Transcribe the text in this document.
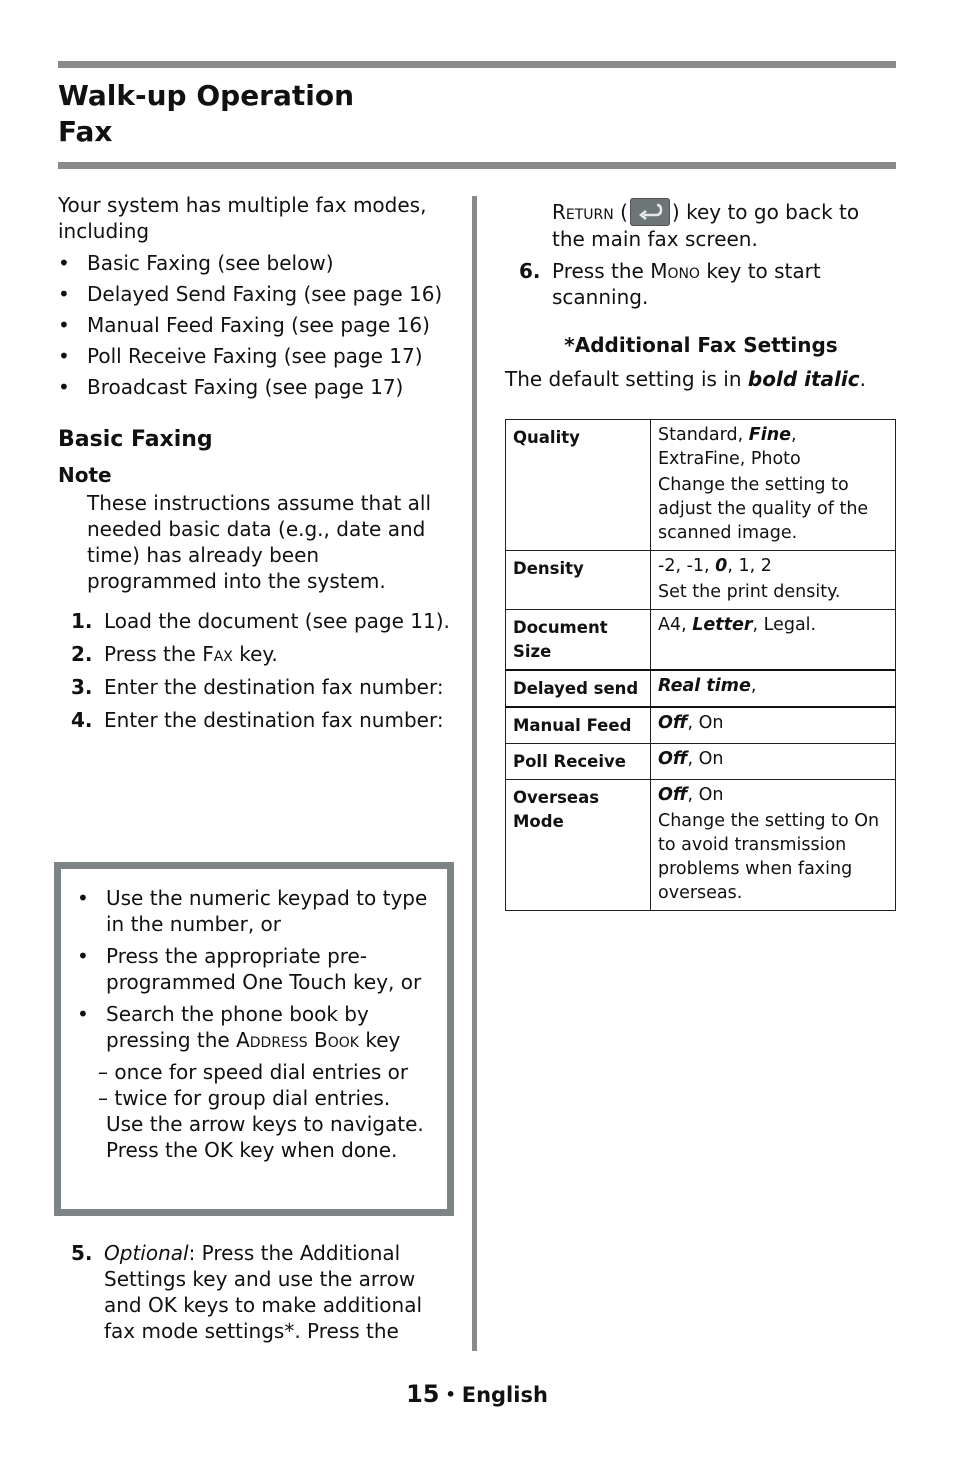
Walk-up Operation
Fax

Your system has multiple fax modes, including

• Basic Faxing (see below)
• Delayed Send Faxing (see page 16)
• Manual Feed Faxing (see page 16)
• Poll Receive Faxing (see page 17)
• Broadcast Faxing (see page 17)
Basic Faxing
Note

These instructions assume that all needed basic data (e.g., date and time) has already been programmed into the system.

1. Load the document (see page 11).
2. Press the Fax key.
3. Enter the destination fax number:
4. Enter the destination fax number:
• Use the numeric keypad to type in the number, or
• Press the appropriate pre-programmed One Touch key, or
• Search the phone book by pressing the Address Book key
– once for speed dial entries or
– twice for group dial entries.
Use the arrow keys to navigate.
Press the OK key when done.
5. Optional: Press the Additional Settings key and use the arrow and OK keys to make additional fax mode settings*. Press the
Return ( ) key to go back to the main fax screen.
6. Press the Mono key to start scanning.
*Additional Fax Settings

The default setting is in bold italic.

Quality	Standard, Fine,
ExtraFine, Photo
Change the setting to adjust the quality of the scanned image.

Density	-2, -1, 0, 1, 2
Set the print density.

Document Size	A4, Letter, Legal.
Delayed send	Real time,
Manual Feed	Off, On
Poll Receive	Off, On
Overseas Mode	Off, On
Change the setting to On to avoid transmission problems when faxing overseas.
15 • English
